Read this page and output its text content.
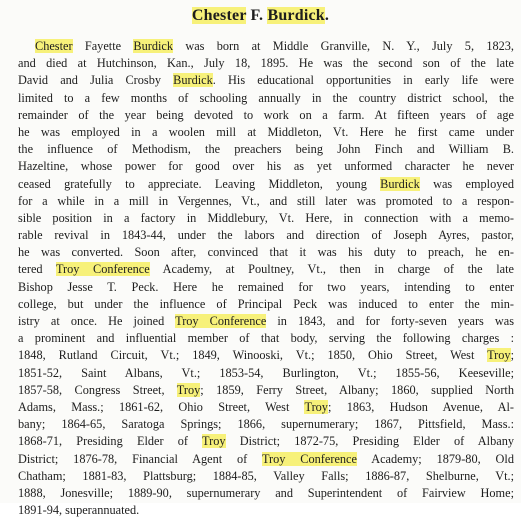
Chester F. Burdick.
Chester Fayette Burdick was born at Middle Granville, N. Y., July 5, 1823,
and died at Hutchinson, Kan., July 18, 1895. He was the second son of the late
David and Julia Crosby Burdick. His educational opportunities in early life were
limited to a few months of schooling annually in the country district school, the
remainder of the year being devoted to work on a farm. At fifteen years of age
he was employed in a woolen mill at Middleton, Vt. Here he first came under
the influence of Methodism, the preachers being John Finch and William B.
Hazeltine, whose power for good over his as yet unformed character he never
ceased gratefully to appreciate. Leaving Middleton, young Burdick was employed
for a while in a mill in Vergennes, Vt., and still later was promoted to a respon-
sible position in a factory in Middlebury, Vt. Here, in connection with a memo-
rable revival in 1843-44, under the labors and direction of Joseph Ayres, pastor,
he was converted. Soon after, convinced that it was his duty to preach, he en-
tered Troy Conference Academy, at Poultney, Vt., then in charge of the late
Bishop Jesse T. Peck. Here he remained for two years, intending to enter
college, but under the influence of Principal Peck was induced to enter the min-
istry at once. He joined Troy Conference in 1843, and for forty-seven years was
a prominent and influential member of that body, serving the following charges :
1848, Rutland Circuit, Vt.; 1849, Winooski, Vt.; 1850, Ohio Street, West Troy;
1851-52, Saint Albans, Vt.; 1853-54, Burlington, Vt.; 1855-56, Keeseville;
1857-58, Congress Street, Troy; 1859, Ferry Street, Albany; 1860, supplied North
Adams, Mass.; 1861-62, Ohio Street, West Troy; 1863, Hudson Avenue, Al-
bany; 1864-65, Saratoga Springs; 1866, supernumerary; 1867, Pittsfield, Mass.:
1868-71, Presiding Elder of Troy District; 1872-75, Presiding Elder of Albany
District; 1876-78, Financial Agent of Troy Conference Academy; 1879-80, Old
Chatham; 1881-83, Plattsburg; 1884-85, Valley Falls; 1886-87, Shelburne, Vt.;
1888, Jonesville; 1889-90, supernumerary and Superintendent of Fairview Home;
1891-94, superannuated.
